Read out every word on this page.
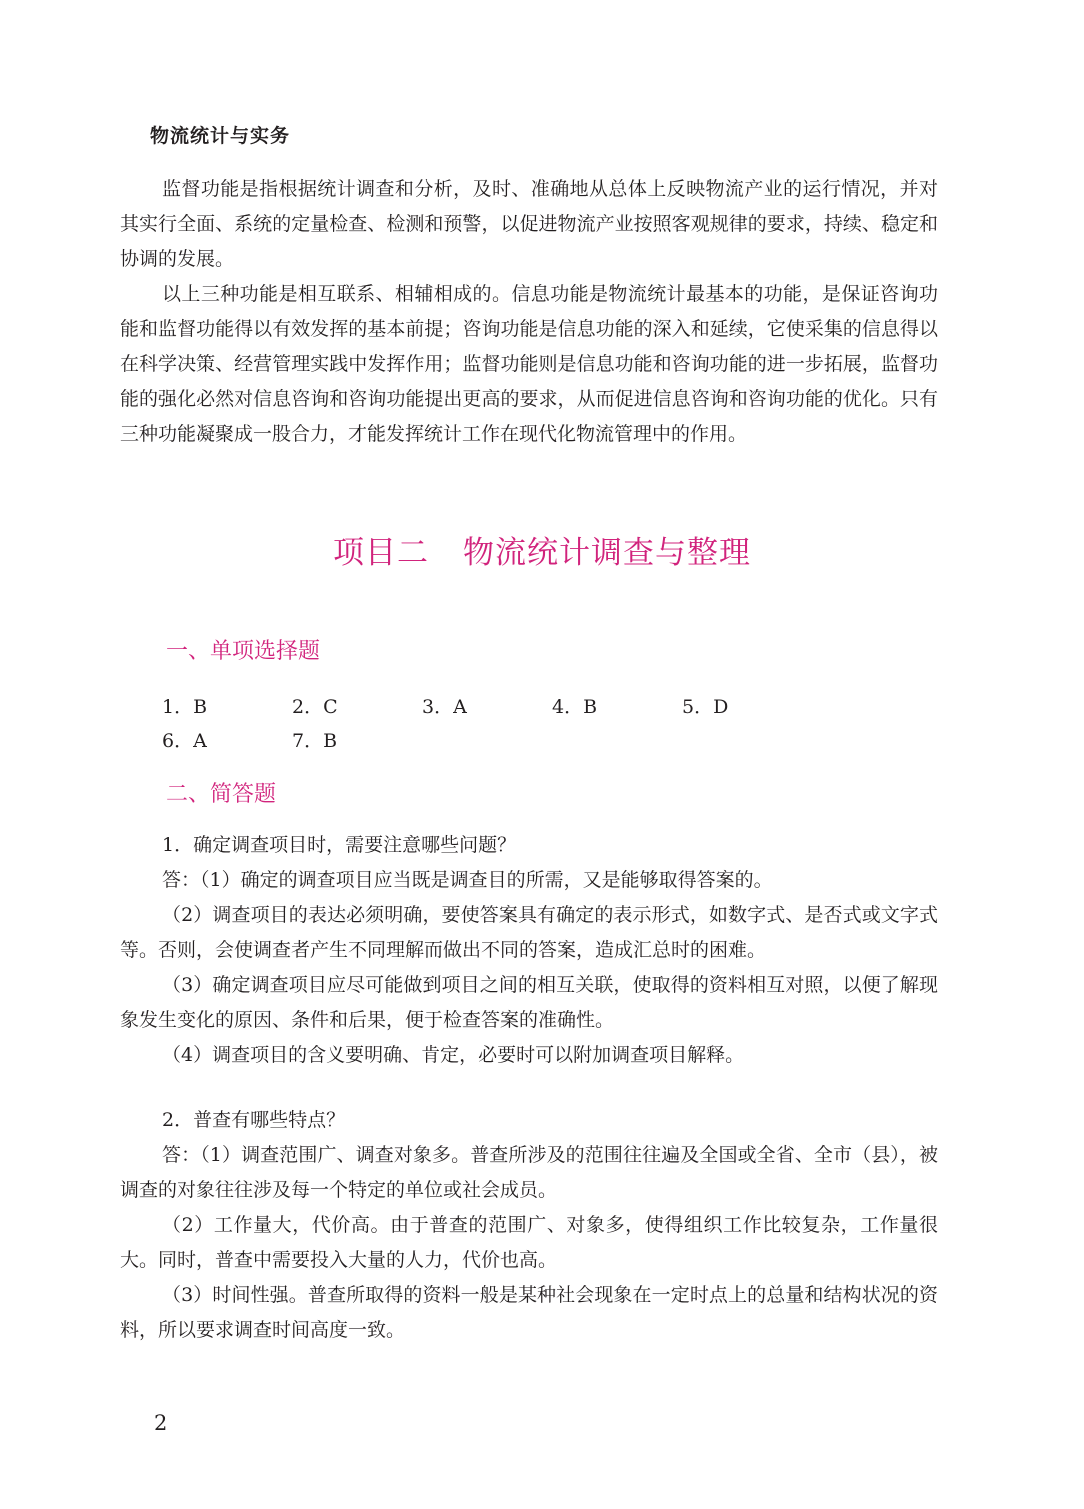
物流统计与实务

监督功能是指根据统计调查和分析，及时、准确地从总体上反映物流产业的运行情况，并对其实行全面、系统的定量检查、检测和预警，以促进物流产业按照客观规律的要求，持续、稳定和协调的发展。

以上三种功能是相互联系、相辅相成的。信息功能是物流统计最基本的功能，是保证咨询功能和监督功能得以有效发挥的基本前提；咨询功能是信息功能的深入和延续，它使采集的信息得以在科学决策、经营管理实践中发挥作用；监督功能则是信息功能和咨询功能的进一步拓展，监督功能的强化必然对信息咨询和咨询功能提出更高的要求，从而促进信息咨询和咨询功能的优化。只有三种功能凝聚成一股合力，才能发挥统计工作在现代化物流管理中的作用。

项目二 物流统计调查与整理
一、单项选择题
1．B	2．C	3．A	4．B	5．D
6．A	7．B
二、简答题

1．确定调查项目时，需要注意哪些问题？

答：（1）确定的调查项目应当既是调查目的所需，又是能够取得答案的。

（2）调查项目的表达必须明确，要使答案具有确定的表示形式，如数字式、是否式或文字式等。否则，会使调查者产生不同理解而做出不同的答案，造成汇总时的困难。

（3）确定调查项目应尽可能做到项目之间的相互关联，使取得的资料相互对照，以便了解现象发生变化的原因、条件和后果，便于检查答案的准确性。

（4）调查项目的含义要明确、肯定，必要时可以附加调查项目解释。

2．普查有哪些特点？

答：（1）调查范围广、调查对象多。普查所涉及的范围往往遍及全国或全省、全市（县），被调查的对象往往涉及每一个特定的单位或社会成员。

（2）工作量大，代价高。由于普查的范围广、对象多，使得组织工作比较复杂，工作量很大。同时，普查中需要投入大量的人力，代价也高。

（3）时间性强。普查所取得的资料一般是某种社会现象在一定时点上的总量和结构状况的资料，所以要求调查时间高度一致。

2
